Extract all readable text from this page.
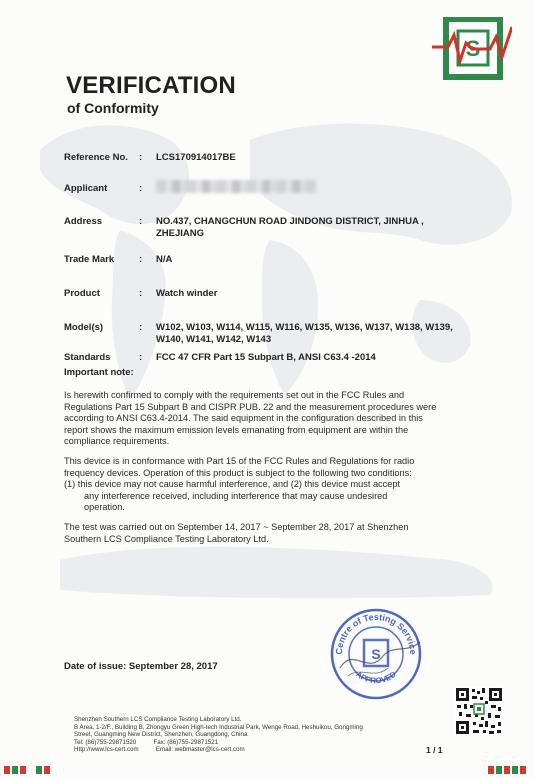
S
VERIFICATION
of Conformity
Reference No. : LCS170914017BE
Applicant	:
Address	: NO.437, CHANGCHUN ROAD JINDONG DISTRICT, JINHUA ,
ZHEJIANG
Trade Mark	: N/A
Product	: Watch winder
Model(s)	: W102, W103, W114, W115, W116, W135, W136, W137, W138, W139,
W140, W141, W142, W143
Standards	: FCC 47 CFR Part 15 Subpart B, ANSI C63.4 -2014
Important note:
Is herewith confirmed to comply with the requirements set out in the FCC Rules and
Regulations Part 15 Subpart B and CISPR PUB. 22 and the measurement procedures were
according to ANSI C63.4-2014. The said equipment in the configuration described in this
report shows the maximum emission levels emanating from equipment are within the
compliance requirements.
This device is in conformance with Part 15 of the FCC Rules and Regulations for radio
frequency devices. Operation of this product is subject to the following two conditions:
(1) this device may not cause harmful interference, and (2) this device must accept
any interference received, including interference that may cause undesired
operation.
The test was carried out on September 14, 2017 ~ September 28, 2017 at Shenzhen
Southern LCS Compliance Testing Laboratory Ltd.
Date of issue: September 28, 2017
Centre of Testing Service
APPROVED
S
Shenzhen Southern LCS Compliance Testing Laboratory Ltd.
B Area, 1-2/F., Building B, Zhongyu Green High-tech Industrial Park, Wenge Road, Heshuikou, Gongming
Street, Guangming New District, Shenzhen, Guangdong, China
Tel: (86)755-29871520          Fax: (86)755-29871521
Http://www.lcs-cert.com          Email: webmaster@lcs-cert.com	1 / 1
